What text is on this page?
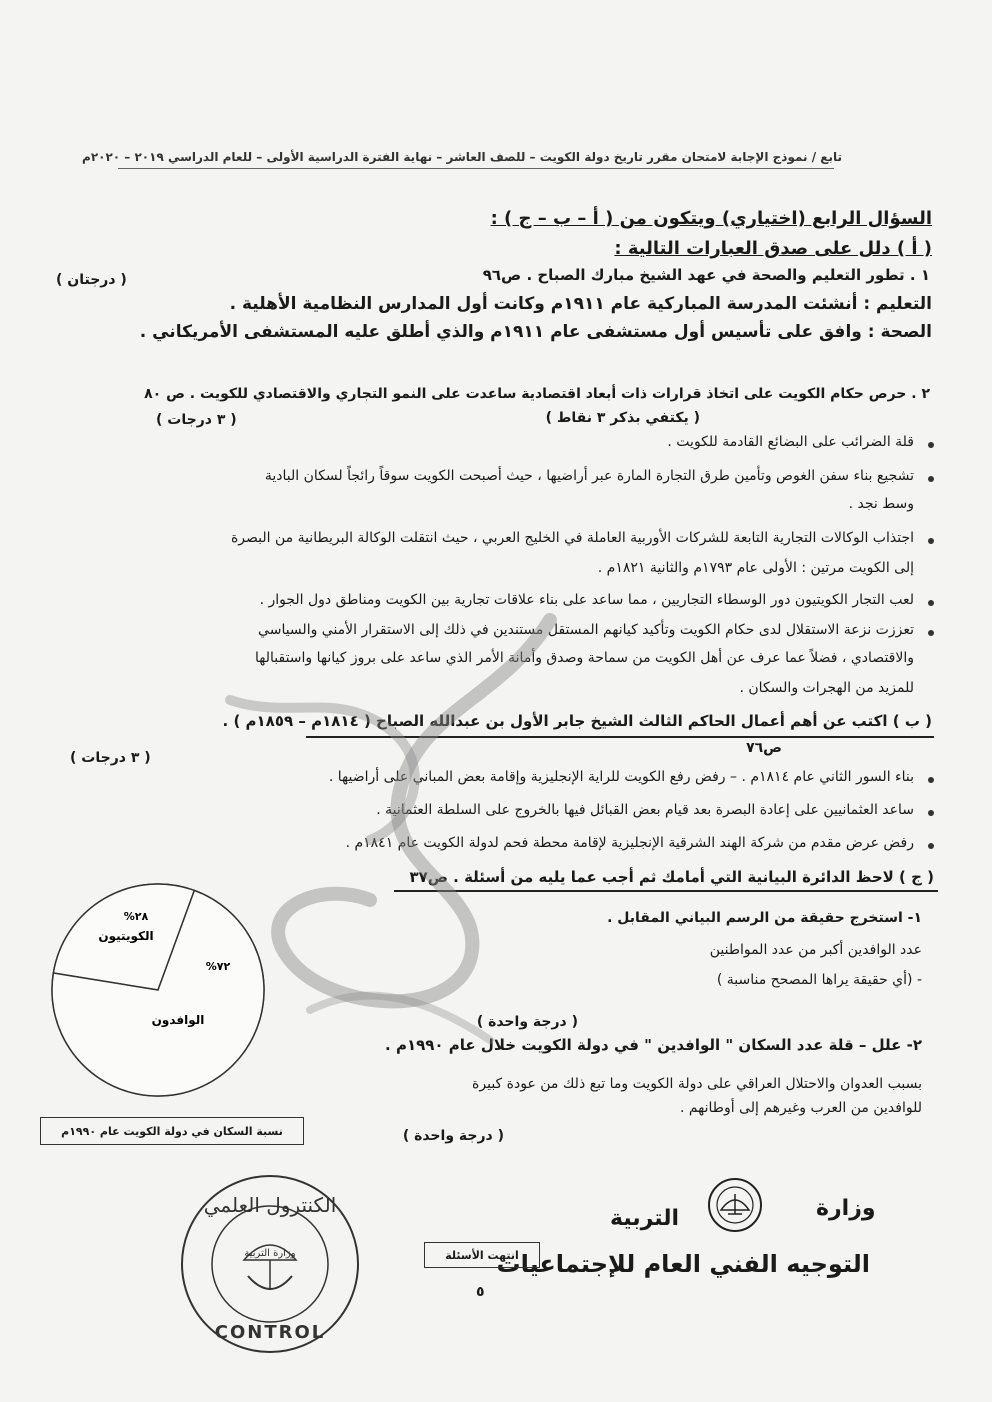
تابع / نموذج الإجابة لامتحان مقرر تاريخ دولة الكويت – للصف العاشر – نهاية الفترة الدراسية الأولى – للعام الدراسي ٢٠١٩ – ٢٠٢٠م
السؤال الرابع (اختياري) ويتكون من ( أ – ب – ج ) :
( أ ) دلل على صدق العبارات التالية :
١ . تطور التعليم والصحة في عهد الشيخ مبارك الصباح . ص٩٦
( درجتان )
التعليم : أنشئت المدرسة المباركية عام ١٩١١م وكانت أول المدارس النظامية الأهلية .
الصحة : وافق على تأسيس أول مستشفى عام ١٩١١م والذي أطلق عليه المستشفى الأمريكاني .
٢ . حرص حكام الكويت على اتخاذ قرارات ذات أبعاد اقتصادية ساعدت على النمو التجاري والاقتصادي للكويت . ص ٨٠
( يكتفي بذكر ٣ نقاط )
( ٣ درجات )
قلة الضرائب على البضائع القادمة للكويت .
تشجيع بناء سفن الغوص وتأمين طرق التجارة المارة عبر أراضيها ، حيث أصبحت الكويت سوقاً رائجاً لسكان البادية
وسط نجد .
اجتذاب الوكالات التجارية التابعة للشركات الأوربية العاملة في الخليج العربي ، حيث انتقلت الوكالة البريطانية من البصرة
إلى الكويت مرتين : الأولى عام ١٧٩٣م والثانية ١٨٢١م .
لعب التجار الكويتيون دور الوسطاء التجاريين ، مما ساعد على بناء علاقات تجارية بين الكويت ومناطق دول الجوار .
تعززت نزعة الاستقلال لدى حكام الكويت وتأكيد كيانهم المستقل مستندين في ذلك إلى الاستقرار الأمني والسياسي
والاقتصادي ، فضلاً عما عرف عن أهل الكويت من سماحة وصدق وأمانة الأمر الذي ساعد على بروز كيانها واستقبالها
للمزيد من الهجرات والسكان .
( ب ) اكتب عن أهم أعمال الحاكم الثالث الشيخ جابر الأول بن عبدالله الصباح ( ١٨١٤م – ١٨٥٩م ) .
ص٧٦
( ٣ درجات )
بناء السور الثاني عام ١٨١٤م . – رفض رفع الكويت للراية الإنجليزية وإقامة بعض المباني على أراضيها .
ساعد العثمانيين على إعادة البصرة بعد قيام بعض القبائل فيها بالخروج على السلطة العثمانية .
رفض عرض مقدم من شركة الهند الشرقية الإنجليزية لإقامة محطة فحم لدولة الكويت عام ١٨٤١م .
( ج ) لاحظ الدائرة البيانية التي أمامك ثم أجب عما يليه من أسئلة . ص٣٧
١- استخرج حقيقة من الرسم البياني المقابل .
عدد الوافدين أكبر من عدد المواطنين
- (أي حقيقة يراها المصحح مناسبة )
( درجة واحدة )
٢- علل – قلة عدد السكان " الوافدين " في دولة الكويت خلال عام ١٩٩٠م .
بسبب العدوان والاحتلال العراقي على دولة الكويت وما تبع ذلك من عودة كبيرة
للوافدين من العرب وغيرهم إلى أوطانهم .
( درجة واحدة )
الكويتيون
%٢٨
%٧٢
الوافدون
نسبة السكان في دولة الكويت عام ١٩٩٠م
وزارة
التربية
التوجيه الفني العام للإجتماعيات
انتهت الأسئلة
٥
الكنترول العلمي
وزارة التربية
CONTROL
